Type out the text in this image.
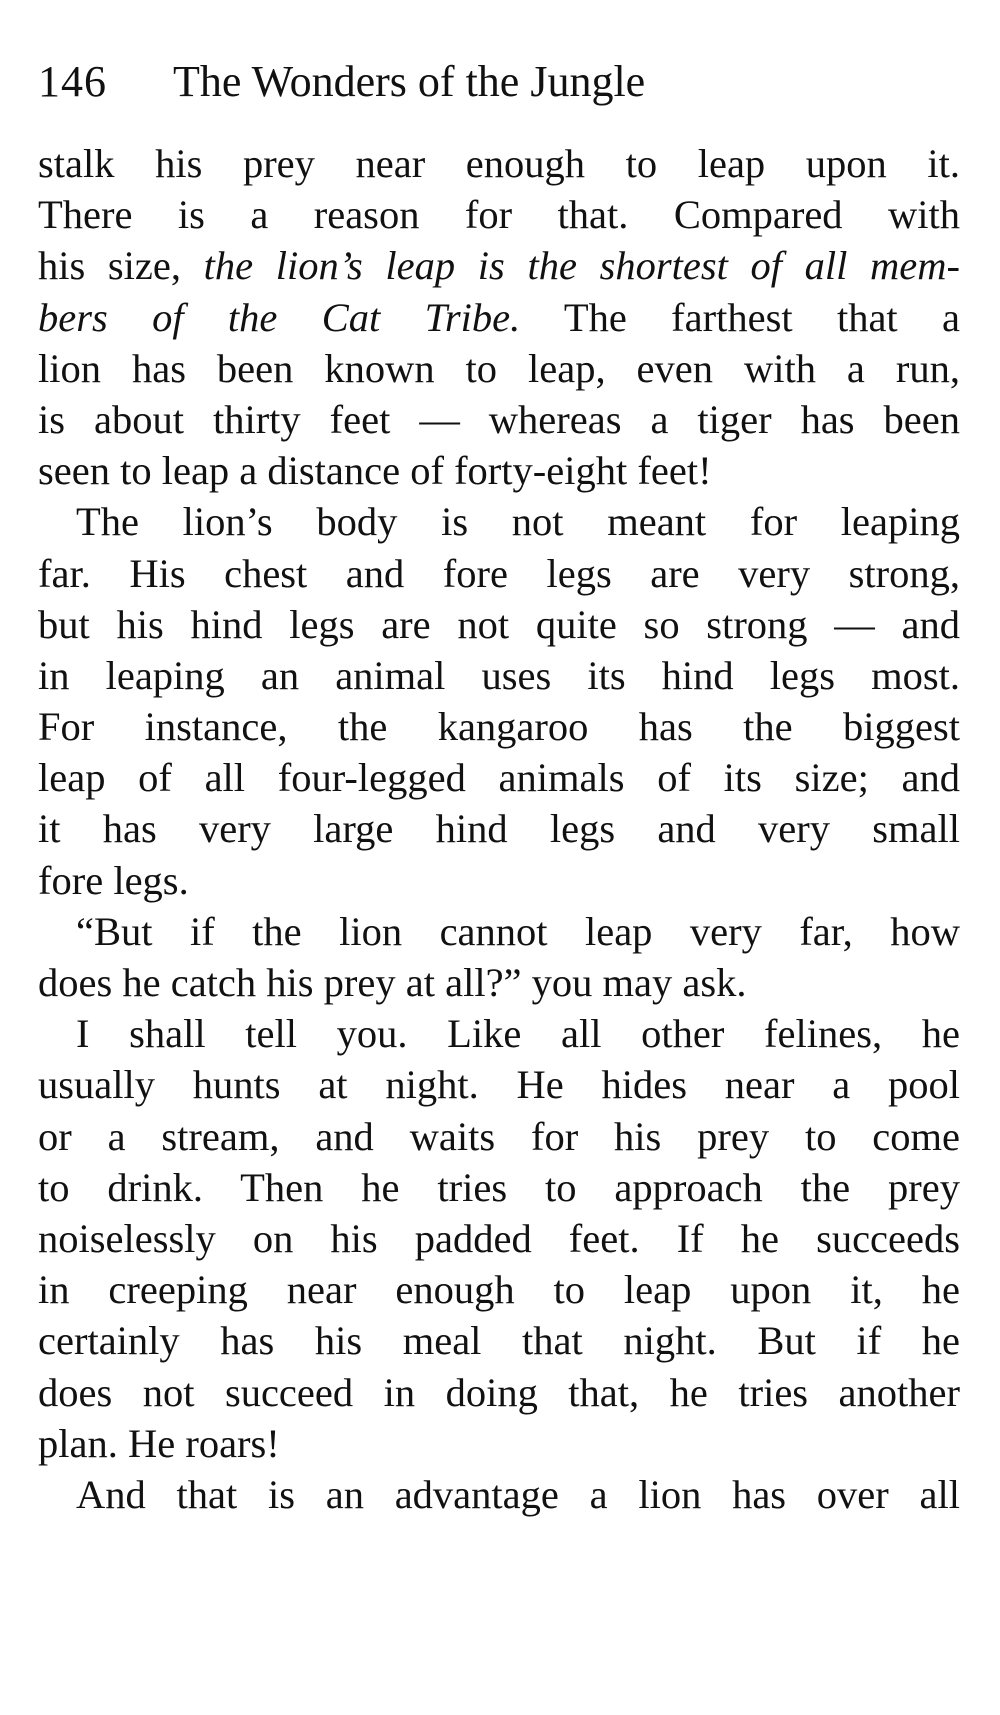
146 The Wonders of the Jungle
stalk his prey near enough to leap upon it.
There is a reason for that. Compared with
his size, the lion’s leap is the shortest of all mem-
bers of the Cat Tribe. The farthest that a
lion has been known to leap, even with a run,
is about thirty feet — whereas a tiger has been
seen to leap a distance of forty-eight feet!
The lion’s body is not meant for leaping
far. His chest and fore legs are very strong,
but his hind legs are not quite so strong — and
in leaping an animal uses its hind legs most.
For instance, the kangaroo has the biggest
leap of all four-legged animals of its size; and
it has very large hind legs and very small
fore legs.
“But if the lion cannot leap very far, how
does he catch his prey at all?” you may ask.
I shall tell you. Like all other felines, he
usually hunts at night. He hides near a pool
or a stream, and waits for his prey to come
to drink. Then he tries to approach the prey
noiselessly on his padded feet. If he succeeds
in creeping near enough to leap upon it, he
certainly has his meal that night. But if he
does not succeed in doing that, he tries another
plan. He roars!
And that is an advantage a lion has over all
